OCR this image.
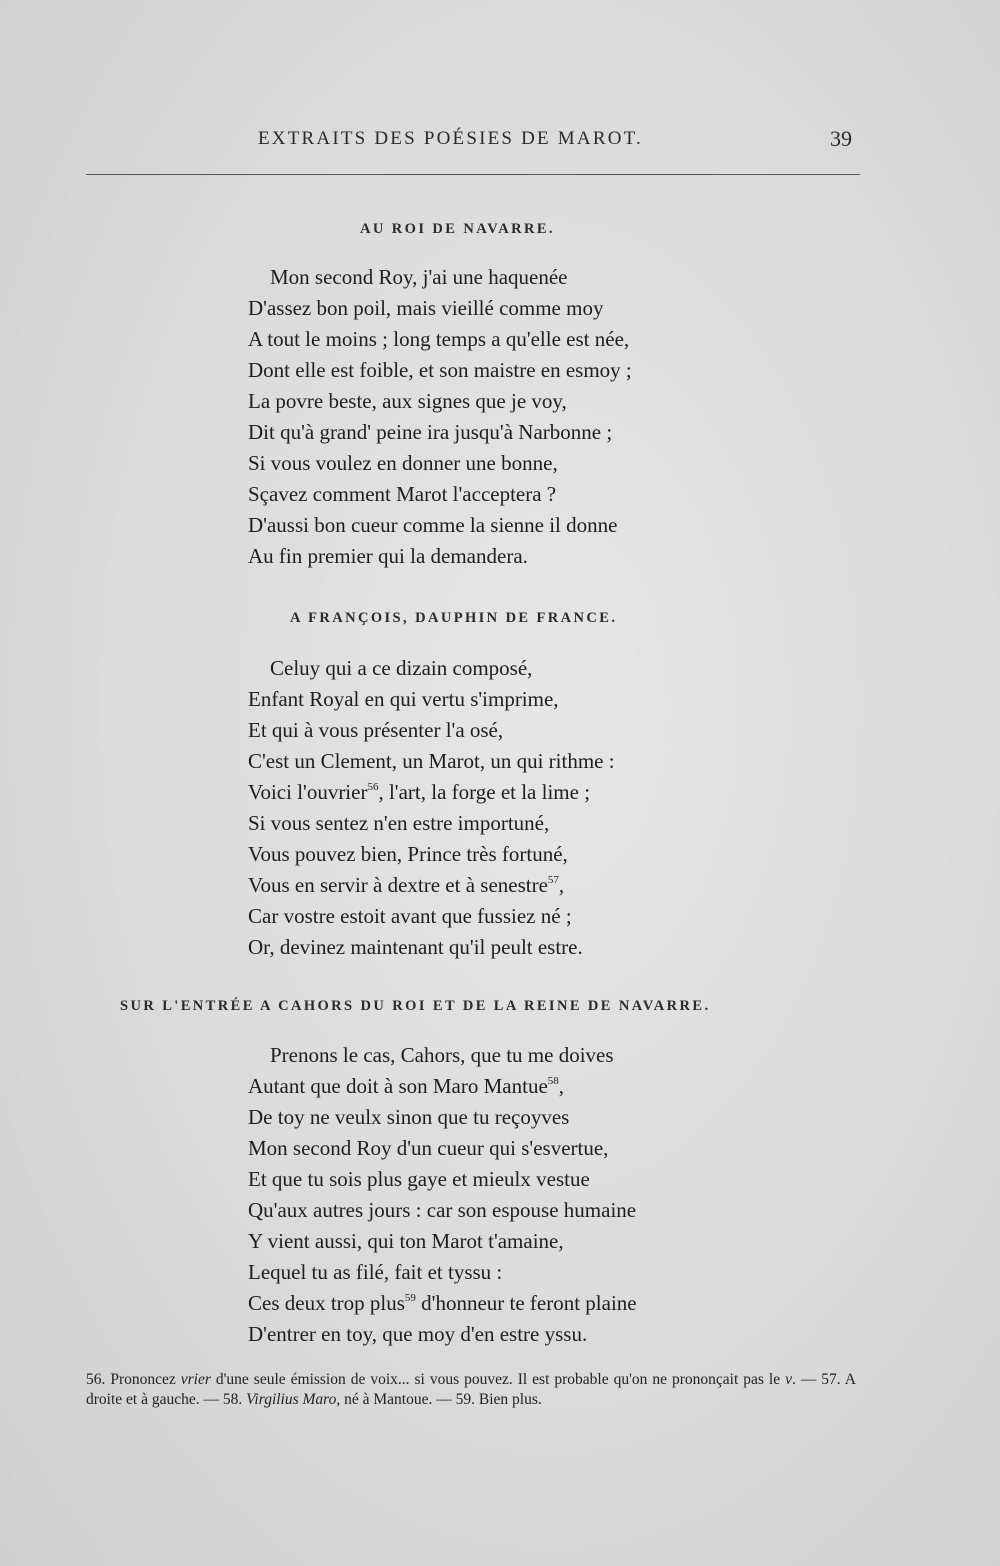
EXTRAITS DES POÉSIES DE MAROT.	39
AU ROI DE NAVARRE.
Mon second Roy, j'ai une haquenée
D'assez bon poil, mais vieillé comme moy
A tout le moins ; long temps a qu'elle est née,
Dont elle est foible, et son maistre en esmoy ;
La povre beste, aux signes que je voy,
Dit qu'à grand' peine ira jusqu'à Narbonne ;
Si vous voulez en donner une bonne,
Sçavez comment Marot l'acceptera ?
D'aussi bon cueur comme la sienne il donne
Au fin premier qui la demandera.
A FRANÇOIS, DAUPHIN DE FRANCE.
Celuy qui a ce dizain composé,
Enfant Royal en qui vertu s'imprime,
Et qui à vous présenter l'a osé,
C'est un Clement, un Marot, un qui rithme :
Voici l'ouvrier$^{56}$, l'art, la forge et la lime ;
Si vous sentez n'en estre importuné,
Vous pouvez bien, Prince très fortuné,
Vous en servir à dextre et à senestre$^{57}$,
Car vostre estoit avant que fussiez né ;
Or, devinez maintenant qu'il peult estre.
SUR L'ENTRÉE A CAHORS DU ROI ET DE LA REINE DE NAVARRE.
Prenons le cas, Cahors, que tu me doives
Autant que doit à son Maro Mantue$^{58}$,
De toy ne veulx sinon que tu reçoyves
Mon second Roy d'un cueur qui s'esvertue,
Et que tu sois plus gaye et mieulx vestue
Qu'aux autres jours : car son espouse humaine
Y vient aussi, qui ton Marot t'amaine,
Lequel tu as filé, fait et tyssu :
Ces deux trop plus$^{59}$ d'honneur te feront plaine
D'entrer en toy, que moy d'en estre yssu.
56. Prononcez vrier d'une seule émission de voix... si vous pouvez. Il est probable qu'on ne prononçait pas le v. — 57. A droite et à gauche. — 58. Virgilius Maro, né à Mantoue. — 59. Bien plus.
